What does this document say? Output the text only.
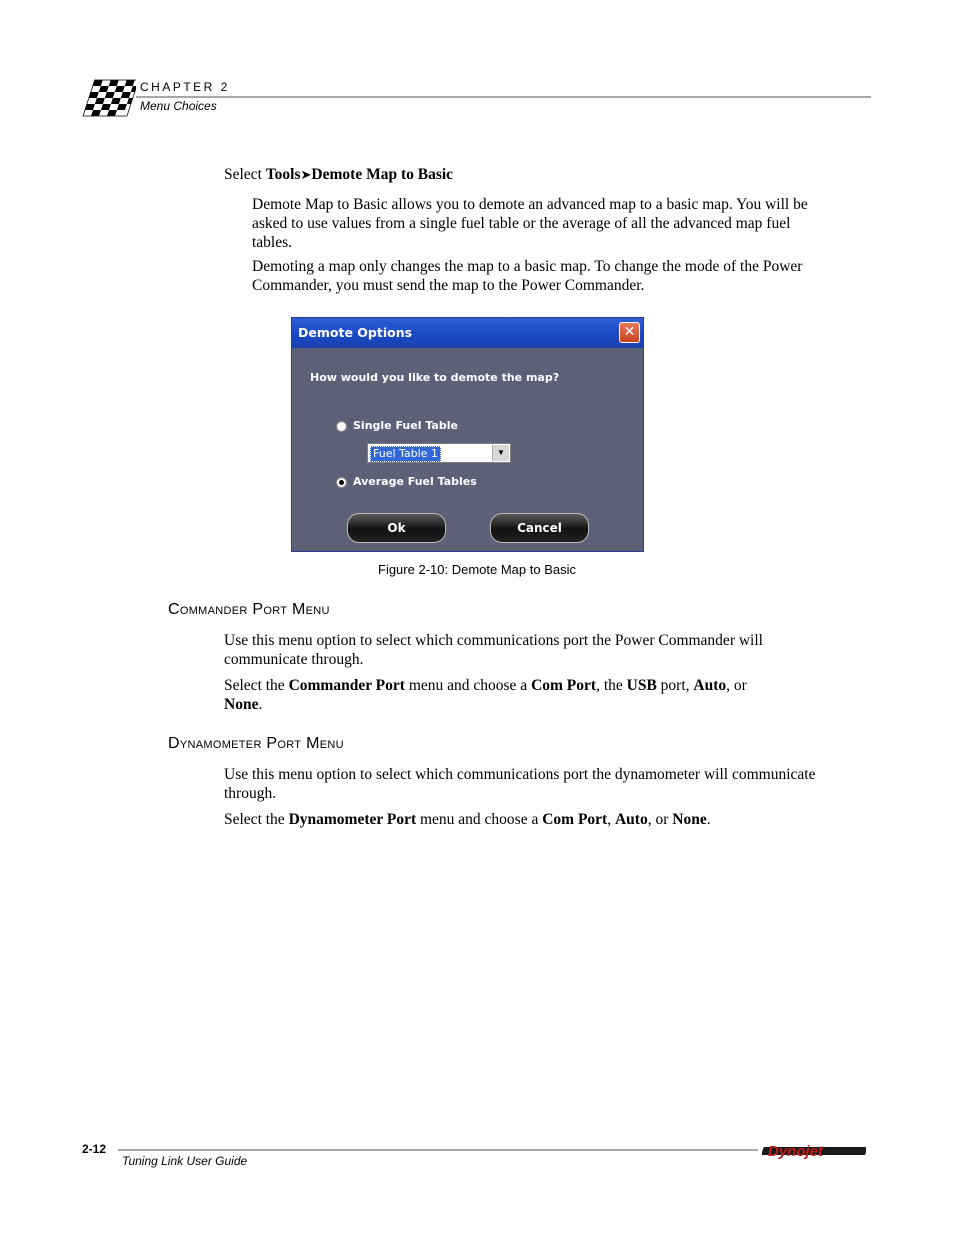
CHAPTER 2
Menu Choices
Select Tools➤Demote Map to Basic
Demote Map to Basic allows you to demote an advanced map to a basic map. You will be asked to use values from a single fuel table or the average of all the advanced map fuel tables.
Demoting a map only changes the map to a basic map. To change the mode of the Power Commander, you must send the map to the Power Commander.
Demote Options	✕
How would you like to demote the map?
Single Fuel Table
Fuel Table 1	▼
Average Fuel Tables
Ok	Cancel
Figure 2-10: Demote Map to Basic
Commander Port Menu
Use this menu option to select which communications port the Power Commander will communicate through.
Select the Commander Port menu and choose a Com Port, the USB port, Auto, or
None.
Dynamometer Port Menu
Use this menu option to select which communications port the dynamometer will communicate through.
Select the Dynamometer Port menu and choose a Com Port, Auto, or None.
2-12
Tuning Link User Guide
Dynojet
